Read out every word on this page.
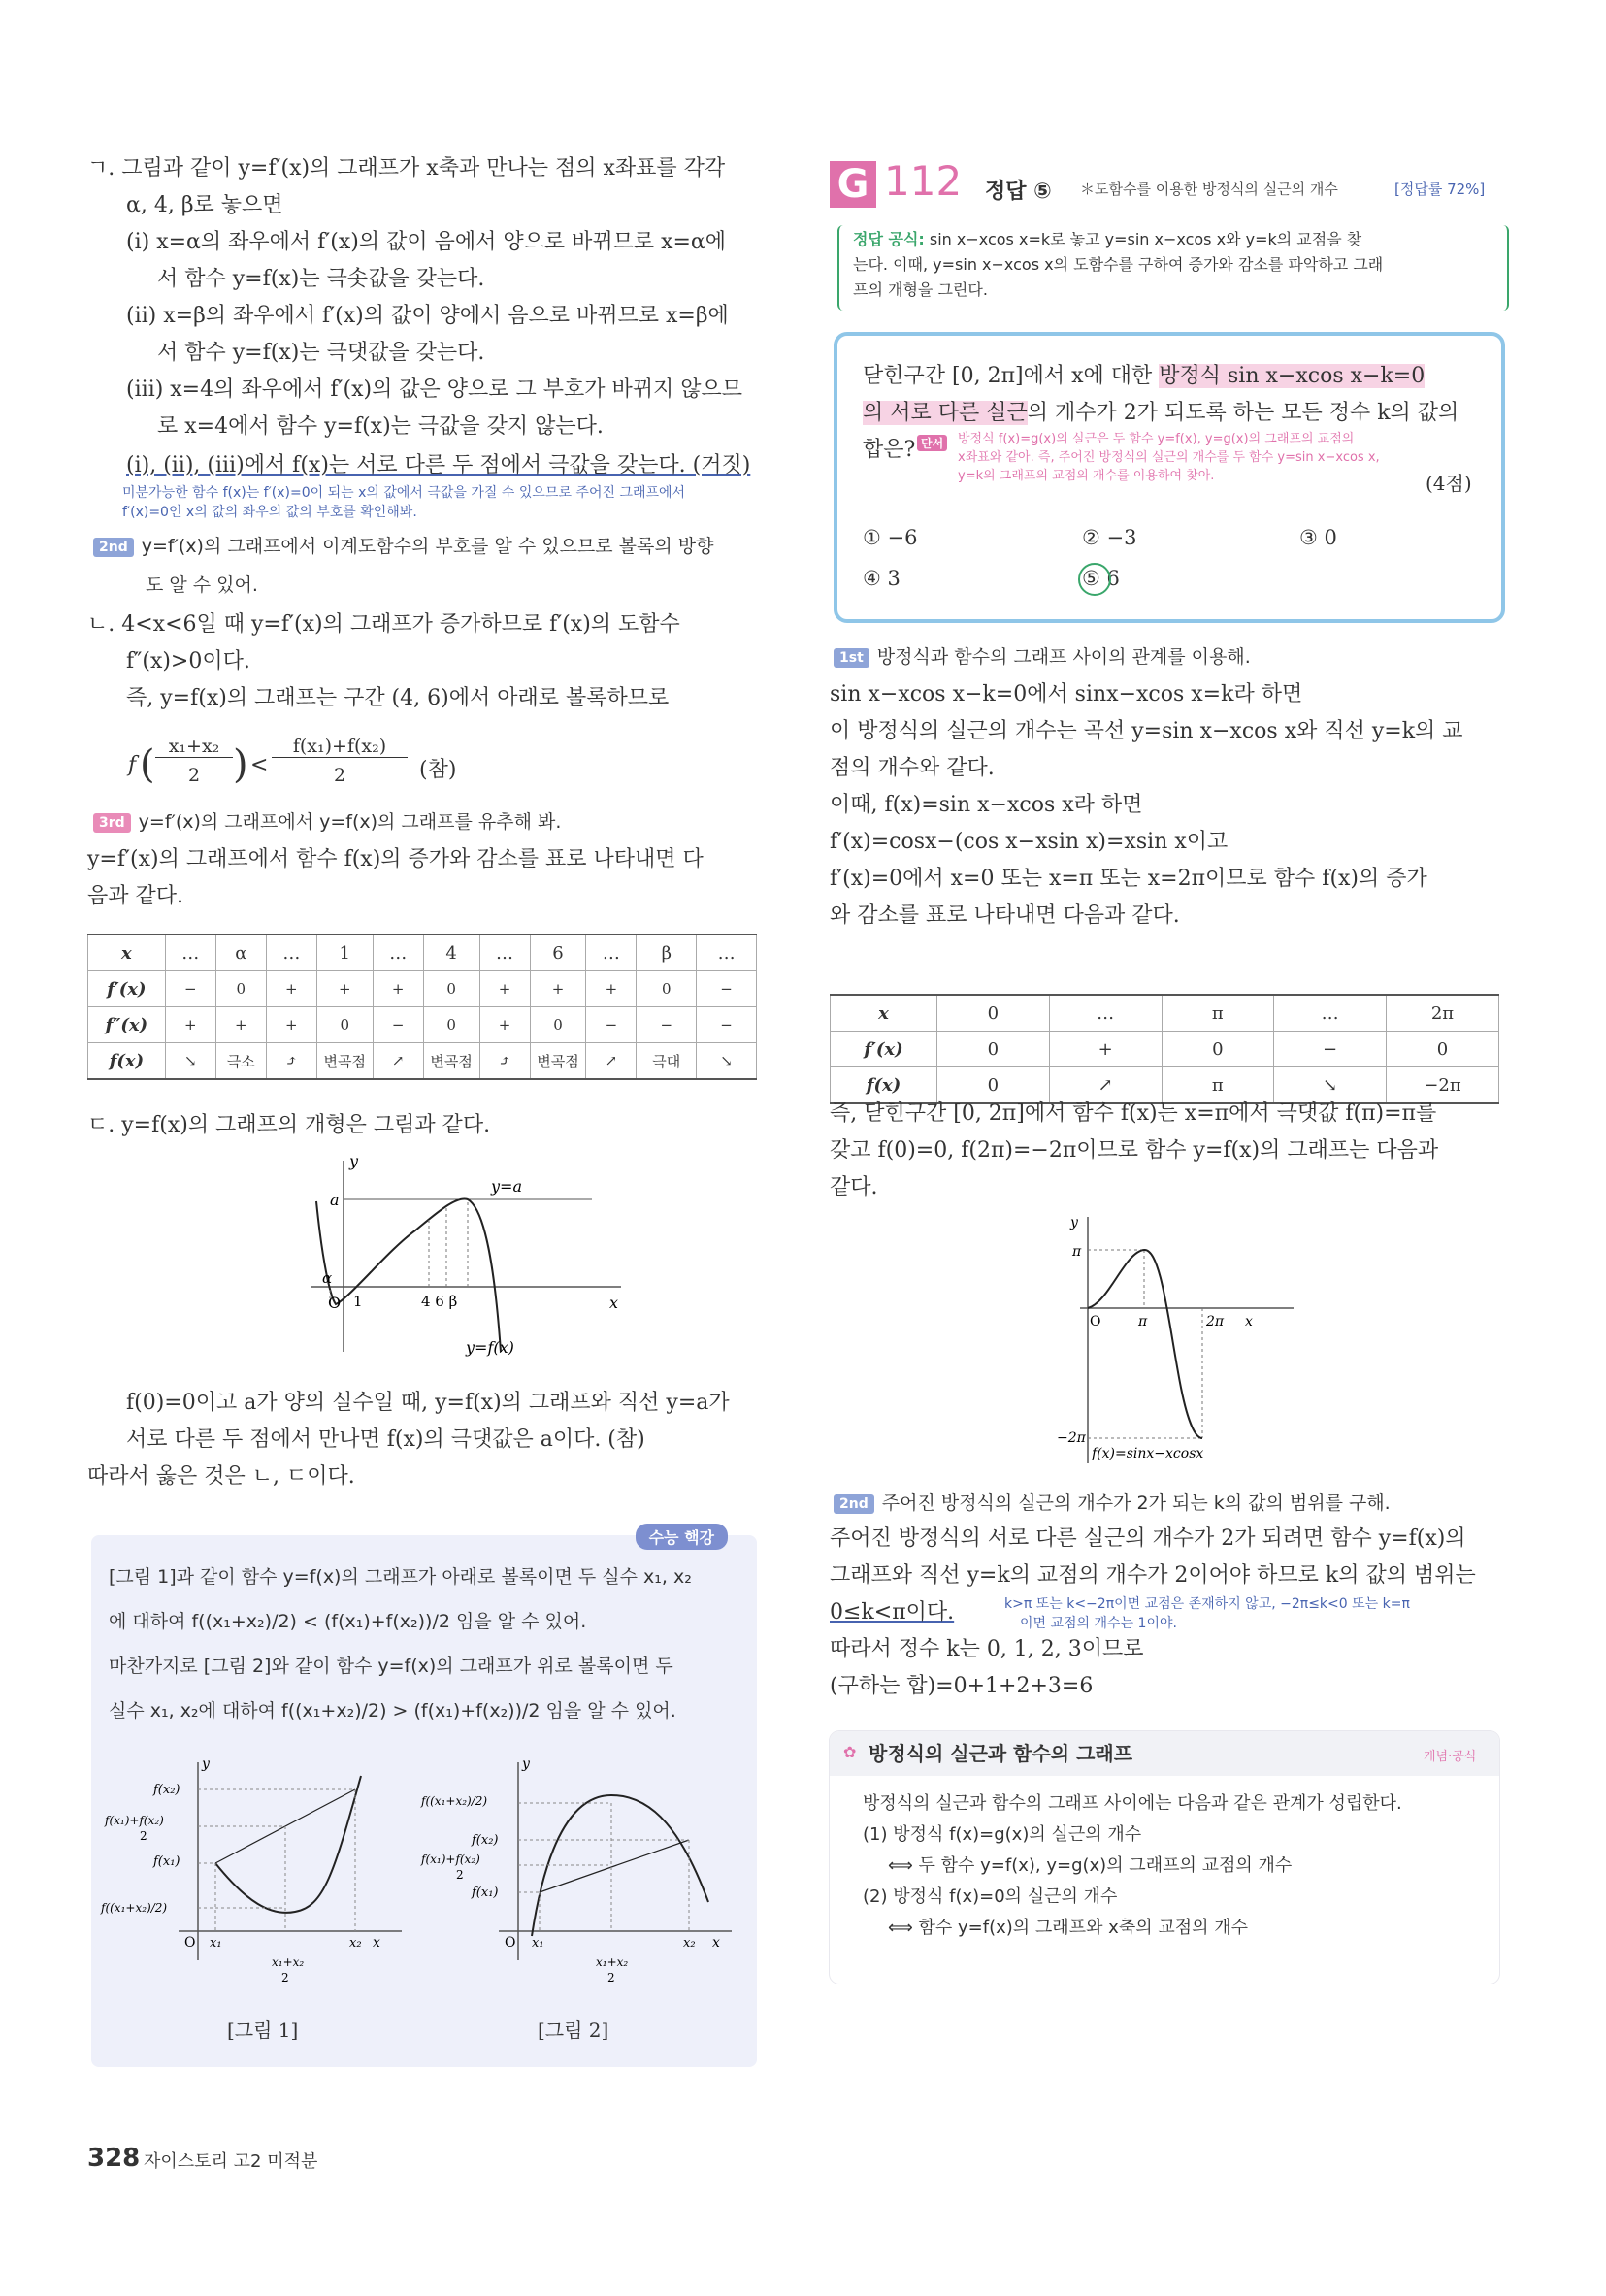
ㄱ. 그림과 같이 y=f′(x)의 그래프가 x축과 만나는 점의 x좌표를 각각
α, 4, β로 놓으면
(ⅰ) x=α의 좌우에서 f′(x)의 값이 음에서 양으로 바뀌므로 x=α에
서 함수 y=f(x)는 극솟값을 갖는다.
(ⅱ) x=β의 좌우에서 f′(x)의 값이 양에서 음으로 바뀌므로 x=β에
서 함수 y=f(x)는 극댓값을 갖는다.
(ⅲ) x=4의 좌우에서 f′(x)의 값은 양으로 그 부호가 바뀌지 않으므
로 x=4에서 함수 y=f(x)는 극값을 갖지 않는다.
(ⅰ), (ⅱ), (ⅲ)에서 f(x)는 서로 다른 두 점에서 극값을 갖는다. (거짓)
미분가능한 함수 f(x)는 f′(x)=0이 되는 x의 값에서 극값을 가질 수 있으므로 주어진 그래프에서
f′(x)=0인 x의 값의 좌우의 값의 부호를 확인해봐.
2nd y=f′(x)의 그래프에서 이계도함수의 부호를 알 수 있으므로 볼록의 방향
도 알 수 있어.
ㄴ. 4<x<6일 때 y=f′(x)의 그래프가 증가하므로 f′(x)의 도함수
f″(x)>0이다.
즉, y=f(x)의 그래프는 구간 (4, 6)에서 아래로 볼록하므로
f ( x₁+x₂
2 ) <
f(x₁)+f(x₂)
2	(참)
3rd y=f′(x)의 그래프에서 y=f(x)의 그래프를 유추해 봐.
y=f′(x)의 그래프에서 함수 f(x)의 증가와 감소를 표로 나타내면 다
음과 같다.
x	…	α	…	1	…	4	…	6	…	β	…
f′(x)	−	0	+	+	+	0	+	+	+	0	−
f″(x)	+	+	+	0	−	0	+	0	−	−	−
f(x)	↘	극소	⤴	변곡점	↗	변곡점	⤴	변곡점	↗	극대	↘
ㄷ. y=f(x)의 그래프의 개형은 그림과 같다.
y
x
O
a
α
1	4 6 β
y=a
y=f(x)
f(0)=0이고 a가 양의 실수일 때, y=f(x)의 그래프와 직선 y=a가
서로 다른 두 점에서 만나면 f(x)의 극댓값은 a이다. (참)
따라서 옳은 것은 ㄴ, ㄷ이다.
수능 핵강
[그림 1]과 같이 함수 y=f(x)의 그래프가 아래로 볼록이면 두 실수 x₁, x₂
에 대하여 f((x₁+x₂)/2) < (f(x₁)+f(x₂))/2 임을 알 수 있어.
마찬가지로 [그림 2]와 같이 함수 y=f(x)의 그래프가 위로 볼록이면 두
실수 x₁, x₂에 대하여 f((x₁+x₂)/2) > (f(x₁)+f(x₂))/2 임을 알 수 있어.
y
f(x₂)
f(x₁)+f(x₂)
2
f(x₁)
f((x₁+x₂)/2)
O x₁
x₁+x₂
2
x₂ x
y
f((x₁+x₂)/2)
f(x₂)
f(x₁)+f(x₂)
2
f(x₁)
O x₁
x₁+x₂
2
x₂ x
[그림 1]	[그림 2]
328 자이스토리 고2 미적분
G 112 정답 ⑤ ＊도함수를 이용한 방정식의 실근의 개수	[정답률 72%]
정답 공식: sin x−xcos x=k로 놓고 y=sin x−xcos x와 y=k의 교점을 찾
는다. 이때, y=sin x−xcos x의 도함수를 구하여 증가와 감소를 파악하고 그래
프의 개형을 그린다.
닫힌구간 [0, 2π]에서 x에 대한 방정식 sin x−xcos x−k=0
의 서로 다른 실근의 개수가 2가 되도록 하는 모든 정수 k의 값의
합은? 단서	방정식 f(x)=g(x)의 실근은 두 함수 y=f(x), y=g(x)의 그래프의 교점의
x좌표와 같아. 즉, 주어진 방정식의 실근의 개수를 두 함수 y=sin x−xcos x,
y=k의 그래프의 교점의 개수를 이용하여 찾아.	(4점)
① −6	② −3	③ 0
④ 3	⑤ 6
1st 방정식과 함수의 그래프 사이의 관계를 이용해.
sin x−xcos x−k=0에서 sinx−xcos x=k라 하면
이 방정식의 실근의 개수는 곡선 y=sin x−xcos x와 직선 y=k의 교
점의 개수와 같다.
이때, f(x)=sin x−xcos x라 하면
f′(x)=cosx−(cos x−xsin x)=xsin x이고
f′(x)=0에서 x=0 또는 x=π 또는 x=2π이므로 함수 f(x)의 증가
와 감소를 표로 나타내면 다음과 같다.
x	0	…	π	…	2π
f′(x)	0	+	0	−	0
f(x)	0	↗	π	↘	−2π
즉, 닫힌구간 [0, 2π]에서 함수 f(x)는 x=π에서 극댓값 f(π)=π를
갖고 f(0)=0, f(2π)=−2π이므로 함수 y=f(x)의 그래프는 다음과
같다.
y
π
O	π	2π x
−2π
f(x)=sinx−xcosx
2nd 주어진 방정식의 실근의 개수가 2가 되는 k의 값의 범위를 구해.
주어진 방정식의 서로 다른 실근의 개수가 2가 되려면 함수 y=f(x)의
그래프와 직선 y=k의 교점의 개수가 2이어야 하므로 k의 값의 범위는
0≤k<π이다.	k>π 또는 k<−2π이면 교점은 존재하지 않고, −2π≤k<0 또는 k=π
이면 교점의 개수는 1이야.
따라서 정수 k는 0, 1, 2, 3이므로
(구하는 합)=0+1+2+3=6
✿ 방정식의 실근과 함수의 그래프	개념·공식
방정식의 실근과 함수의 그래프 사이에는 다음과 같은 관계가 성립한다.
(1) 방정식 f(x)=g(x)의 실근의 개수
⟺ 두 함수 y=f(x), y=g(x)의 그래프의 교점의 개수
(2) 방정식 f(x)=0의 실근의 개수
⟺ 함수 y=f(x)의 그래프와 x축의 교점의 개수
